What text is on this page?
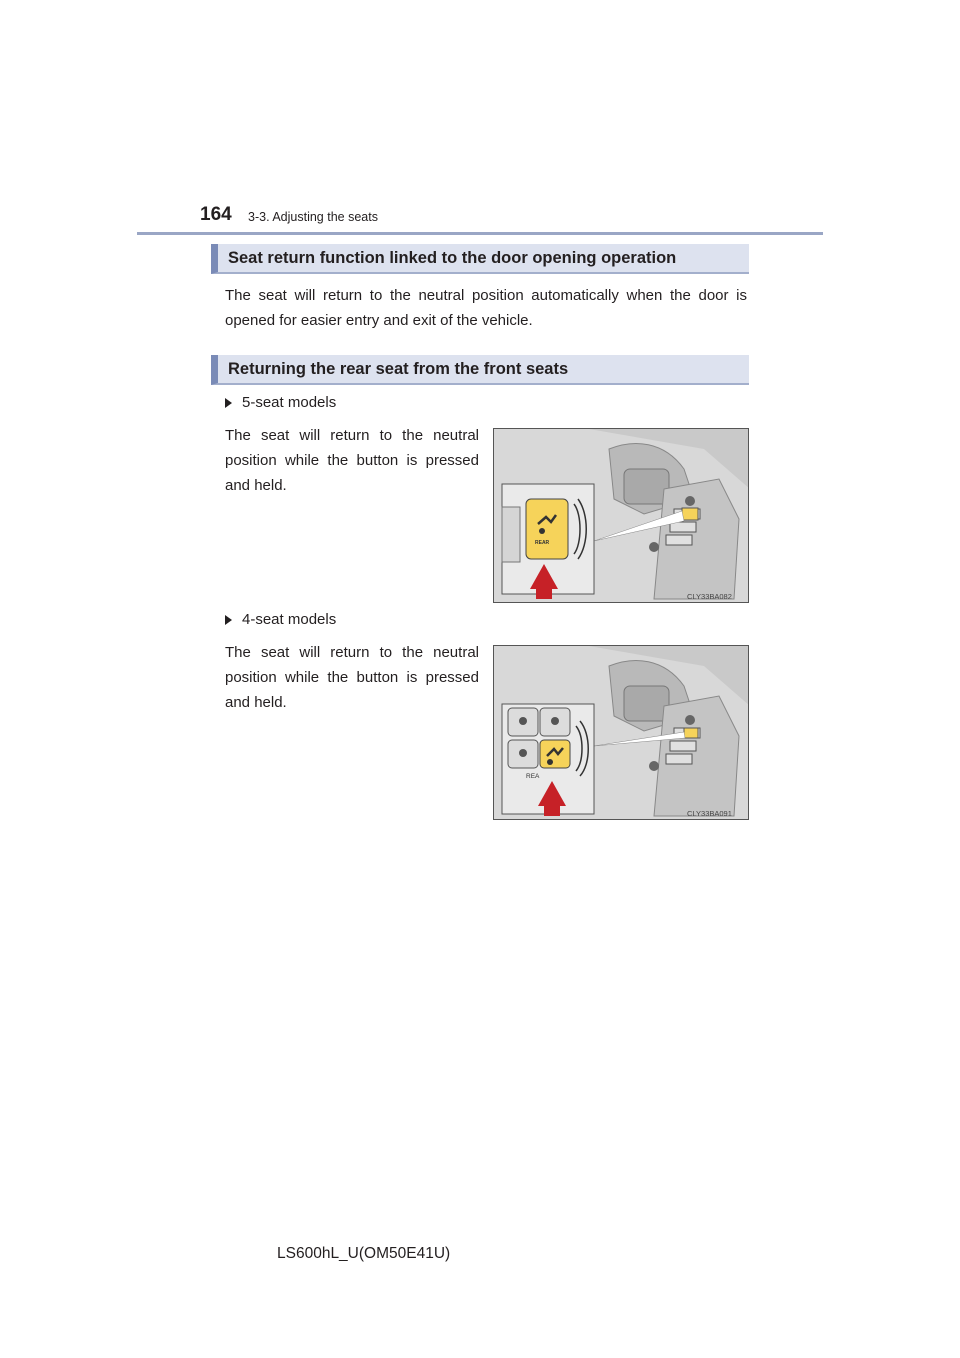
164 3-3. Adjusting the seats
Seat return function linked to the door opening operation
The seat will return to the neutral position automatically when the door is opened for easier entry and exit of the vehicle.
Returning the rear seat from the front seats
5-seat models
The seat will return to the neutral position while the button is pressed and held.
CLY33BA082
REAR
4-seat models
The seat will return to the neutral position while the button is pressed and held.
REA
CLY33BA091
LS600hL_U(OM50E41U)
